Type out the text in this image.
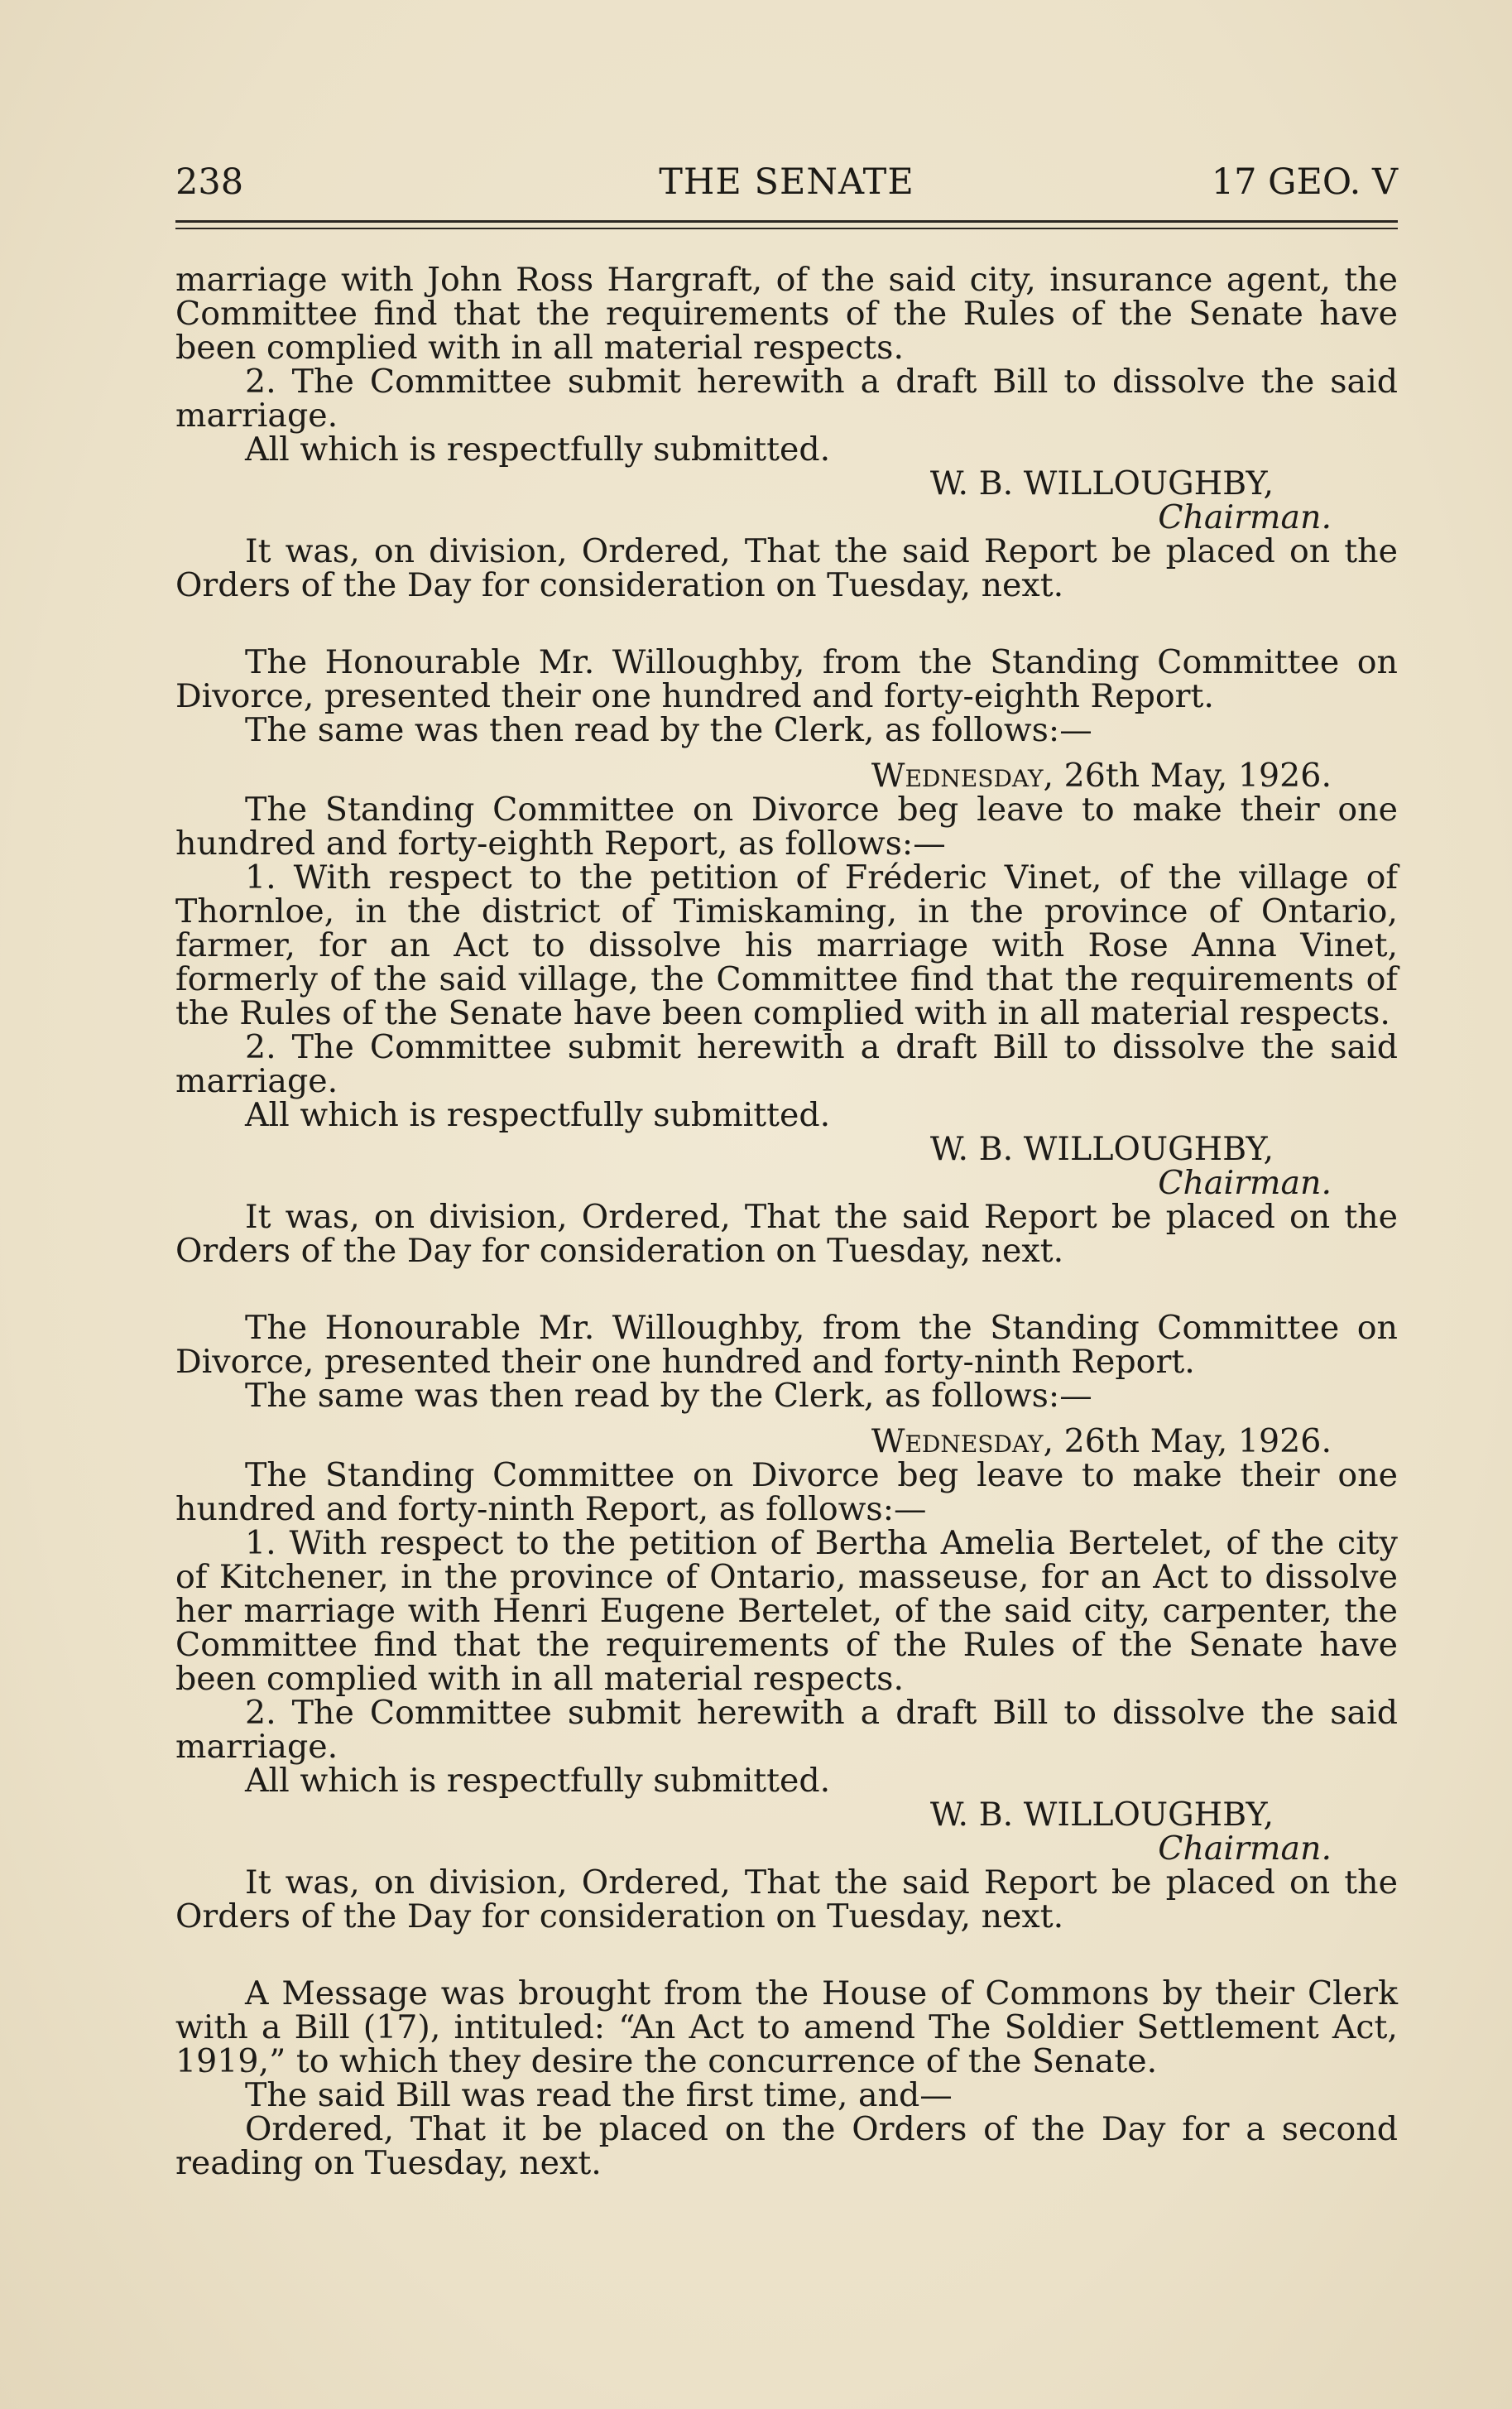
238	THE SENATE	17 GEO. V

marriage with John Ross Hargraft, of the said city, insurance agent, the Committee find that the requirements of the Rules of the Senate have been complied with in all material respects.

2. The Committee submit herewith a draft Bill to dissolve the said marriage.

All which is respectfully submitted.

W. B. WILLOUGHBY,

Chairman.

It was, on division, Ordered, That the said Report be placed on the Orders of the Day for consideration on Tuesday, next.

The Honourable Mr. Willoughby, from the Standing Committee on Divorce, presented their one hundred and forty-eighth Report.

The same was then read by the Clerk, as follows:—

Wednesday, 26th May, 1926.

The Standing Committee on Divorce beg leave to make their one hundred and forty-eighth Report, as follows:—

1. With respect to the petition of Fréderic Vinet, of the village of Thornloe, in the district of Timiskaming, in the province of Ontario, farmer, for an Act to dissolve his marriage with Rose Anna Vinet, formerly of the said village, the Committee find that the requirements of the Rules of the Senate have been complied with in all material respects.

2. The Committee submit herewith a draft Bill to dissolve the said marriage.

All which is respectfully submitted.

W. B. WILLOUGHBY,

Chairman.

It was, on division, Ordered, That the said Report be placed on the Orders of the Day for consideration on Tuesday, next.

The Honourable Mr. Willoughby, from the Standing Committee on Divorce, presented their one hundred and forty-ninth Report.

The same was then read by the Clerk, as follows:—

Wednesday, 26th May, 1926.

The Standing Committee on Divorce beg leave to make their one hundred and forty-ninth Report, as follows:—

1. With respect to the petition of Bertha Amelia Bertelet, of the city of Kitchener, in the province of Ontario, masseuse, for an Act to dissolve her marriage with Henri Eugene Bertelet, of the said city, carpenter, the Committee find that the requirements of the Rules of the Senate have been complied with in all material respects.

2. The Committee submit herewith a draft Bill to dissolve the said marriage.

All which is respectfully submitted.

W. B. WILLOUGHBY,

Chairman.

It was, on division, Ordered, That the said Report be placed on the Orders of the Day for consideration on Tuesday, next.

A Message was brought from the House of Commons by their Clerk with a Bill (17), intituled: “An Act to amend The Soldier Settlement Act, 1919,” to which they desire the concurrence of the Senate.

The said Bill was read the first time, and—

Ordered, That it be placed on the Orders of the Day for a second reading on Tuesday, next.
